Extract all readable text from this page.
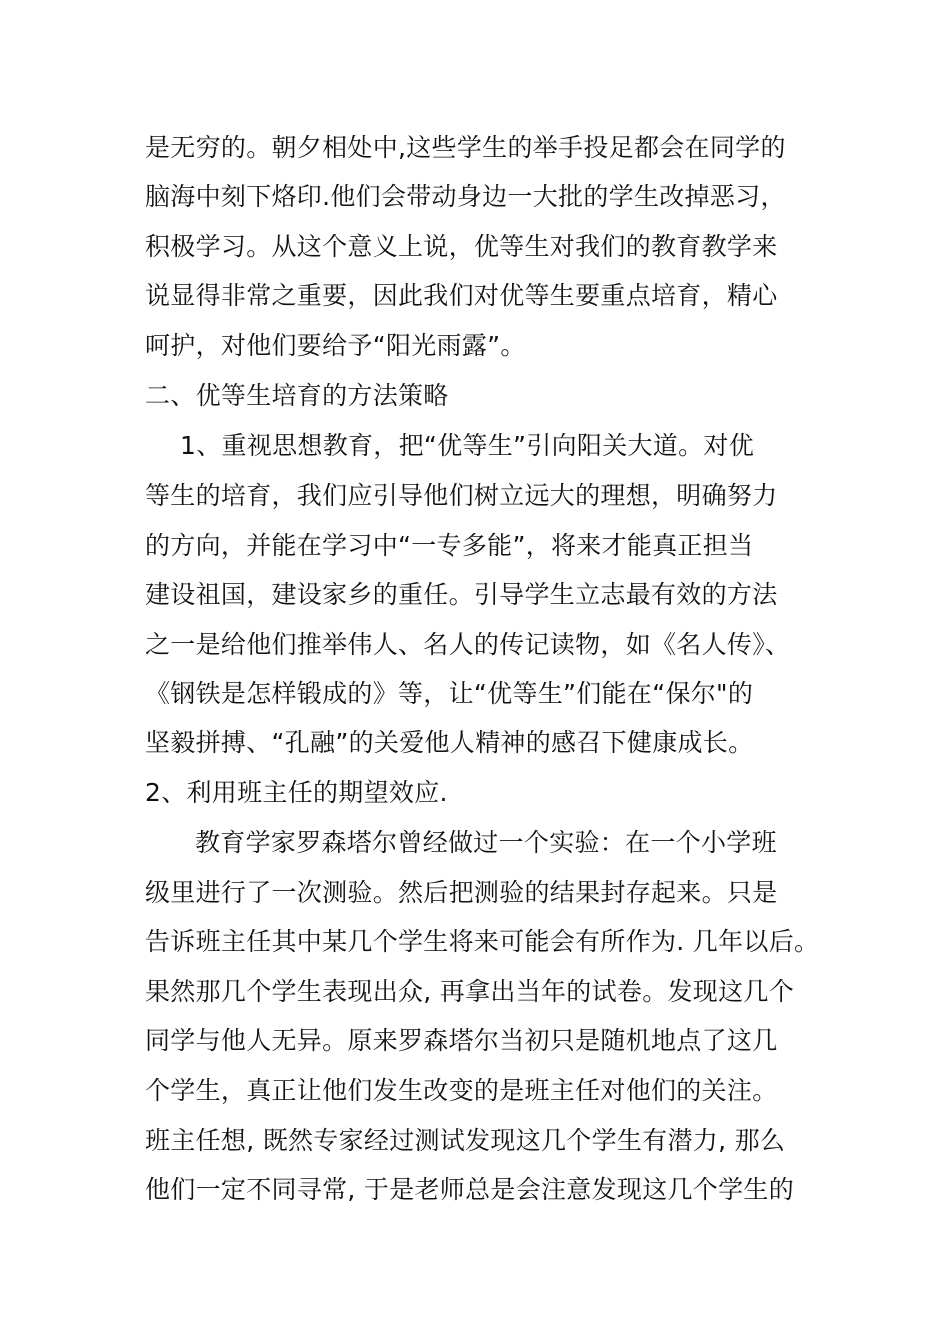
是无穷的。朝夕相处中,这些学生的举手投足都会在同学的
脑海中刻下烙印.他们会带动身边一大批的学生改掉恶习，
积极学习。从这个意义上说，优等生对我们的教育教学来
说显得非常之重要，因此我们对优等生要重点培育，精心
呵护，对他们要给予“阳光雨露”。
二、优等生培育的方法策略
1、重视思想教育，把“优等生”引向阳关大道。对优
等生的培育，我们应引导他们树立远大的理想，明确努力
的方向，并能在学习中“一专多能”，将来才能真正担当
建设祖国，建设家乡的重任。引导学生立志最有效的方法
之一是给他们推举伟人、名人的传记读物，如《名人传》、
《钢铁是怎样锻成的》等，让“优等生”们能在“保尔"的
坚毅拼搏、“孔融”的关爱他人精神的感召下健康成长。
2、利用班主任的期望效应.
教育学家罗森塔尔曾经做过一个实验：在一个小学班
级里进行了一次测验。然后把测验的结果封存起来。只是
告诉班主任其中某几个学生将来可能会有所作为. 几年以后。
果然那几个学生表现出众, 再拿出当年的试卷。发现这几个
同学与他人无异。原来罗森塔尔当初只是随机地点了这几
个学生，真正让他们发生改变的是班主任对他们的关注。
班主任想, 既然专家经过测试发现这几个学生有潜力, 那么
他们一定不同寻常, 于是老师总是会注意发现这几个学生的
